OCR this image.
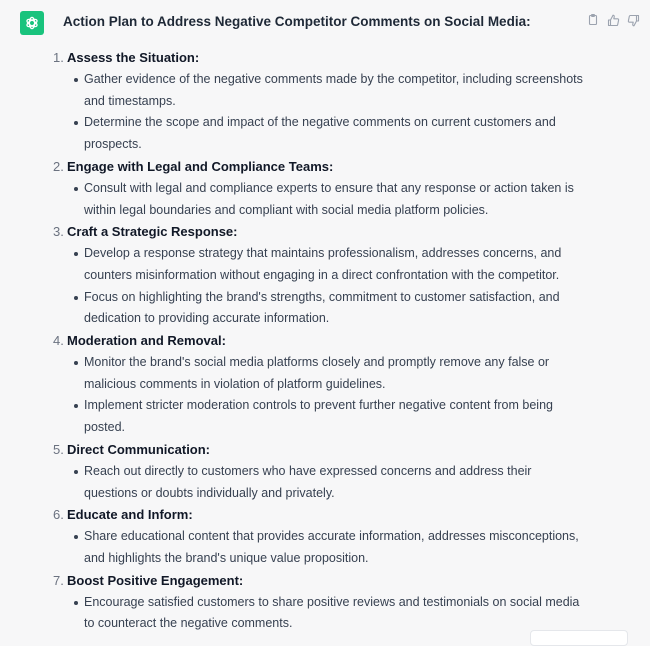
Action Plan to Address Negative Competitor Comments on Social Media:
1. Assess the Situation:
Gather evidence of the negative comments made by the competitor, including screenshots and timestamps.
Determine the scope and impact of the negative comments on current customers and prospects.
2. Engage with Legal and Compliance Teams:
Consult with legal and compliance experts to ensure that any response or action taken is within legal boundaries and compliant with social media platform policies.
3. Craft a Strategic Response:
Develop a response strategy that maintains professionalism, addresses concerns, and counters misinformation without engaging in a direct confrontation with the competitor.
Focus on highlighting the brand's strengths, commitment to customer satisfaction, and dedication to providing accurate information.
4. Moderation and Removal:
Monitor the brand's social media platforms closely and promptly remove any false or malicious comments in violation of platform guidelines.
Implement stricter moderation controls to prevent further negative content from being posted.
5. Direct Communication:
Reach out directly to customers who have expressed concerns and address their questions or doubts individually and privately.
6. Educate and Inform:
Share educational content that provides accurate information, addresses misconceptions, and highlights the brand's unique value proposition.
7. Boost Positive Engagement:
Encourage satisfied customers to share positive reviews and testimonials on social media to counteract the negative comments.
